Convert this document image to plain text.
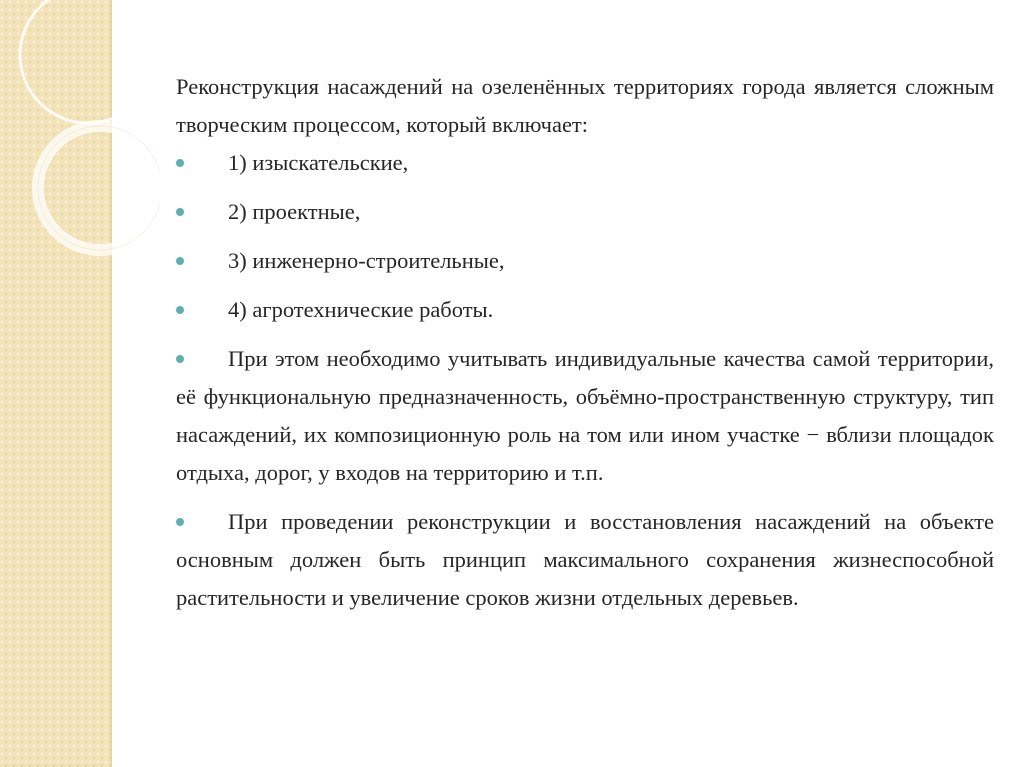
Реконструкция насаждений на озеленённых территориях города является сложным творческим процессом, который включает:

1) изыскательские,
2) проектные,
3) инженерно-строительные,
4) агротехнические работы.
При этом необходимо учитывать индивидуальные качества самой территории, её функциональную предназначенность, объёмно-пространственную структуру, тип насаждений, их композиционную роль на том или ином участке − вблизи площадок отдыха, дорог, у входов на территорию и т.п.
При проведении реконструкции и восстановления насаждений на объекте основным должен быть принцип максимального сохранения жизнеспособной растительности и увеличение сроков жизни отдельных деревьев.
